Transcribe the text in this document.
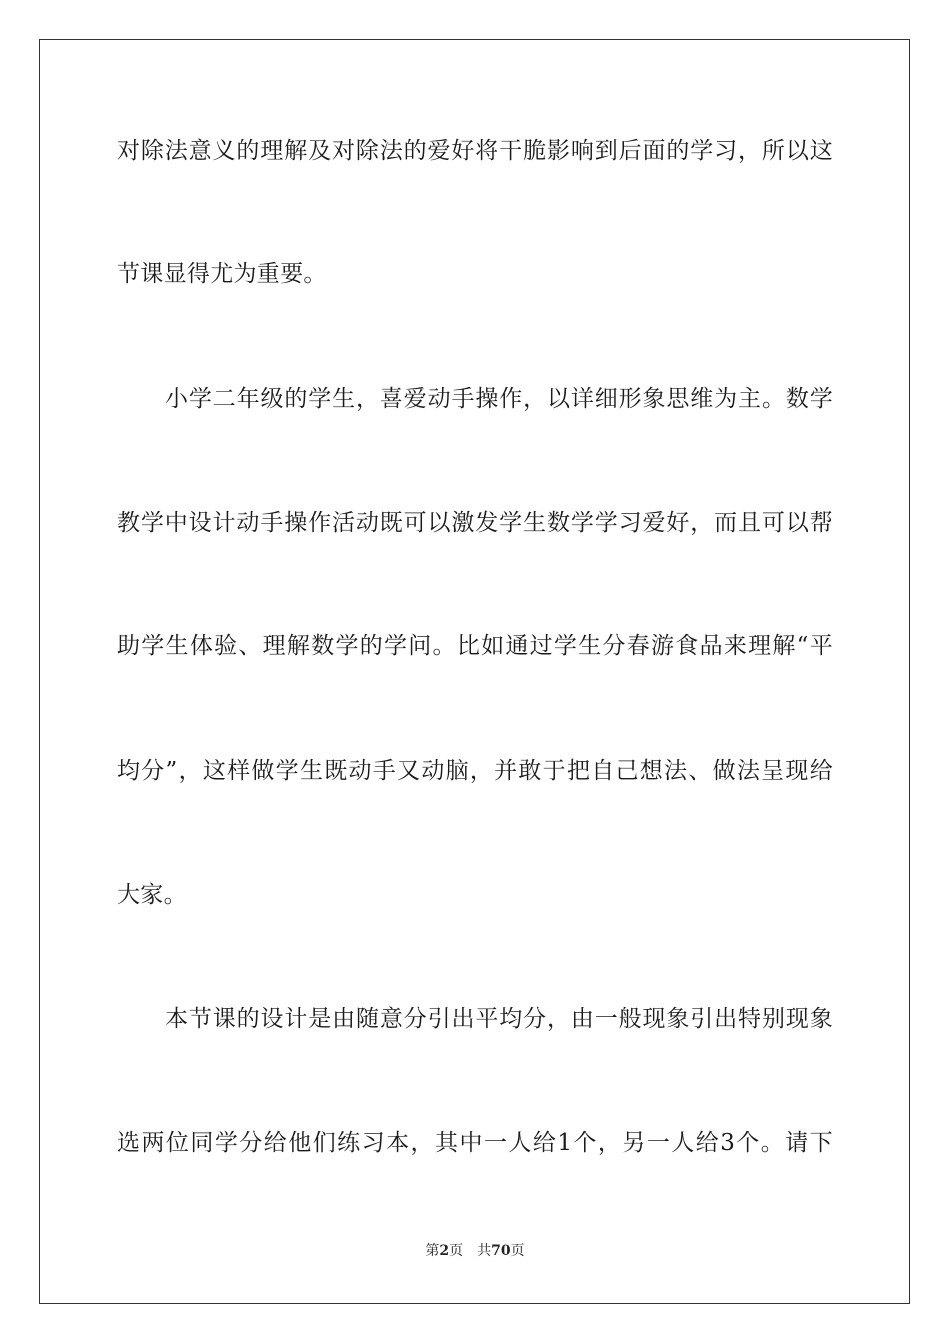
对除法意义的理解及对除法的爱好将干脆影响到后面的学习，所以这
节课显得尤为重要。
小学二年级的学生，喜爱动手操作，以详细形象思维为主。数学
教学中设计动手操作活动既可以激发学生数学学习爱好，而且可以帮
助学生体验、理解数学的学问。比如通过学生分春游食品来理解“平
均分”，这样做学生既动手又动脑，并敢于把自己想法、做法呈现给
大家。
本节课的设计是由随意分引出平均分，由一般现象引出特别现象
选两位同学分给他们练习本，其中一人给1个，另一人给3个。请下
第2页 共70页
